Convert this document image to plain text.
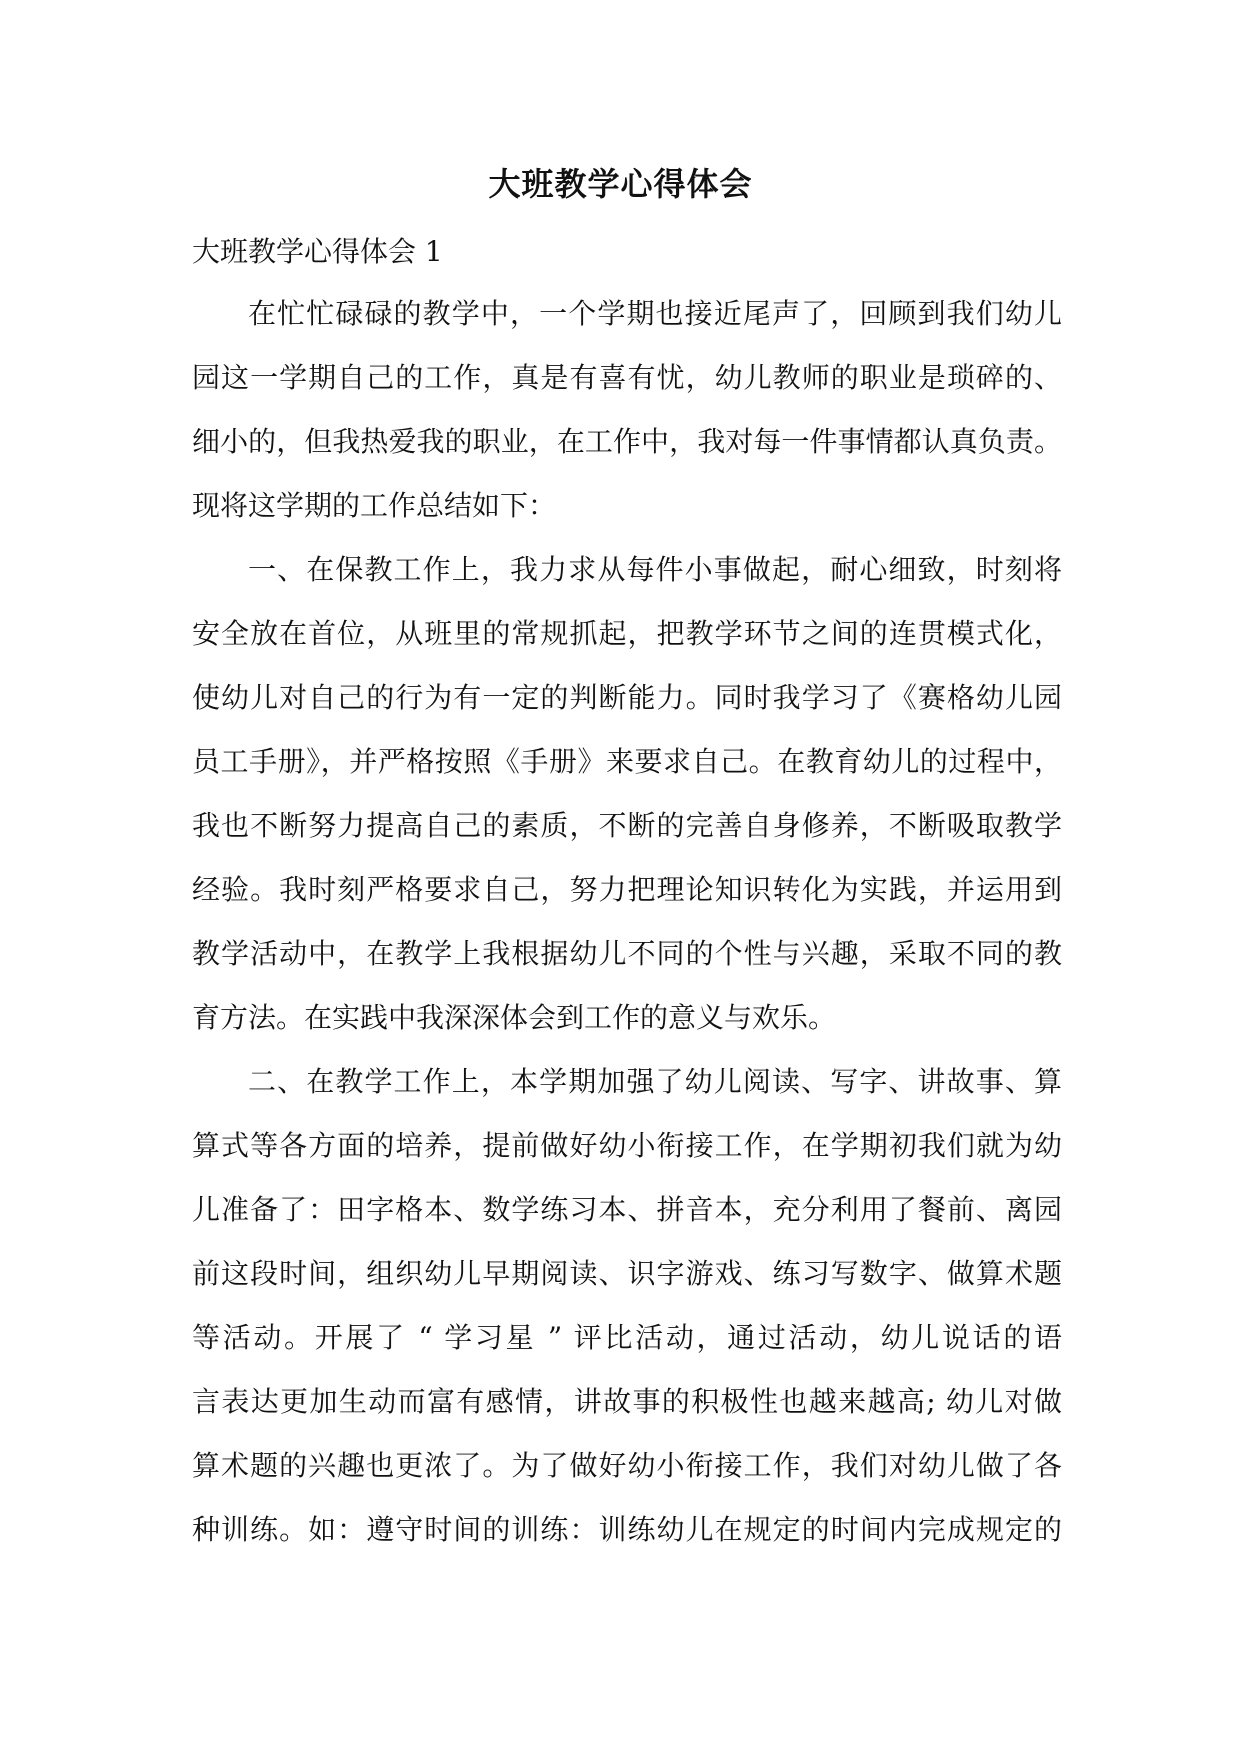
大班教学心得体会
大班教学心得体会 1
在忙忙碌碌的教学中，一个学期也接近尾声了，回顾到我们幼儿
园这一学期自己的工作，真是有喜有忧，幼儿教师的职业是琐碎的、
细小的，但我热爱我的职业，在工作中，我对每一件事情都认真负责。
现将这学期的工作总结如下：
一、在保教工作上，我力求从每件小事做起，耐心细致，时刻将
安全放在首位，从班里的常规抓起，把教学环节之间的连贯模式化，
使幼儿对自己的行为有一定的判断能力。同时我学习了《赛格幼儿园
员工手册》，并严格按照《手册》来要求自己。在教育幼儿的过程中，
我也不断努力提高自己的素质，不断的完善自身修养，不断吸取教学
经验。我时刻严格要求自己，努力把理论知识转化为实践，并运用到
教学活动中，在教学上我根据幼儿不同的个性与兴趣，采取不同的教
育方法。在实践中我深深体会到工作的意义与欢乐。
二、在教学工作上，本学期加强了幼儿阅读、写字、讲故事、算
算式等各方面的培养，提前做好幼小衔接工作，在学期初我们就为幼
儿准备了：田字格本、数学练习本、拼音本，充分利用了餐前、离园
前这段时间，组织幼儿早期阅读、识字游戏、练习写数字、做算术题
等活动。开展了 “ 学习星 ” 评比活动，通过活动，幼儿说话的语
言表达更加生动而富有感情，讲故事的积极性也越来越高; 幼儿对做
算术题的兴趣也更浓了。为了做好幼小衔接工作，我们对幼儿做了各
种训练。如：遵守时间的训练：训练幼儿在规定的时间内完成规定的
